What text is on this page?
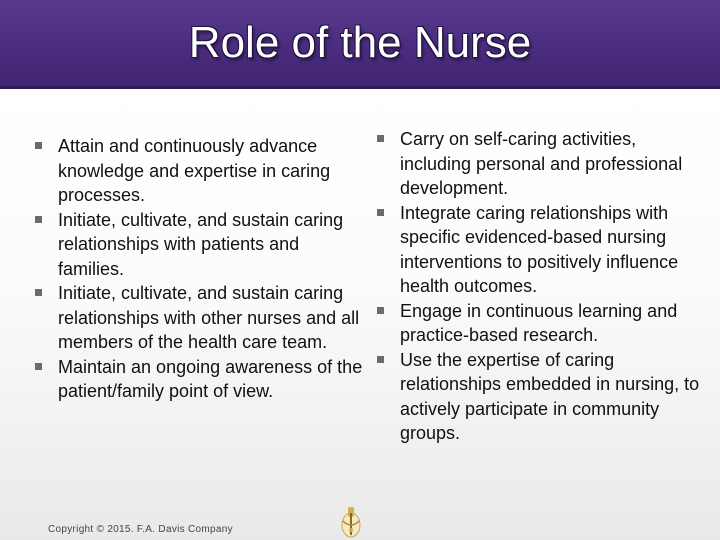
Role of the Nurse
Attain and continuously advance knowledge and expertise in caring processes.
Initiate, cultivate, and sustain caring relationships with patients and families.
Initiate, cultivate, and sustain caring relationships with other nurses and all members of the health care team.
Maintain an ongoing awareness of the patient/family point of view.
Carry on self-caring activities, including personal and professional development.
Integrate caring relationships with specific evidenced-based nursing interventions to positively influence health outcomes.
Engage in continuous learning and practice-based research.
Use the expertise of caring relationships embedded in nursing, to actively participate in community groups.
Copyright © 2015. F.A. Davis Company
